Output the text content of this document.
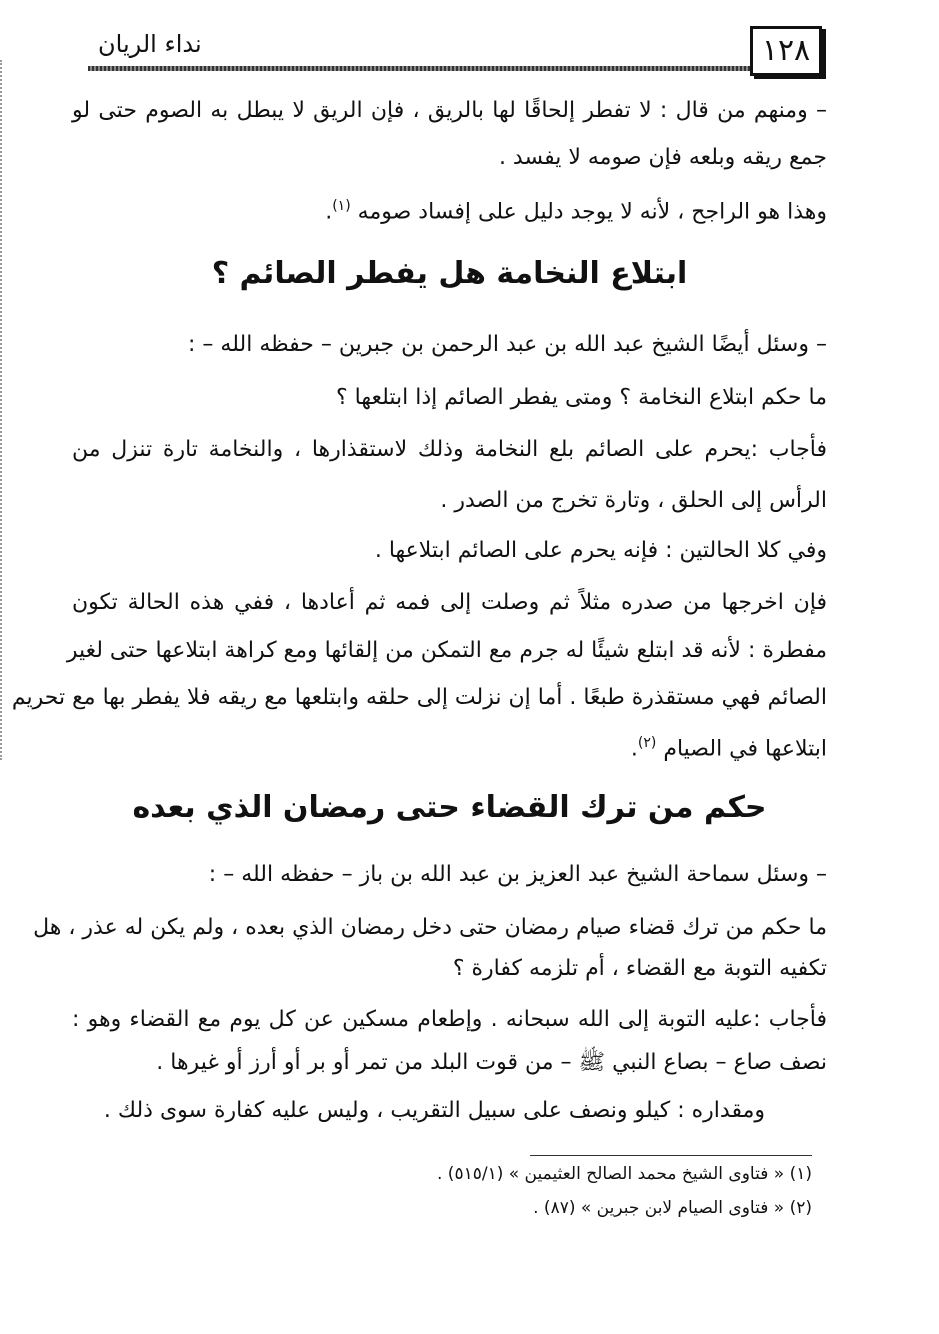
نداء الريان	١٢٨
– ومنهم من قال : لا تفطر إلحاقًا لها بالريق ، فإن الريق لا يبطل به الصوم حتى لو
جمع ريقه وبلعه فإن صومه لا يفسد .
وهذا هو الراجح ، لأنه لا يوجد دليل على إفساد صومه $^{(١)}$.
ابتلاع النخامة هل يفطر الصائم ؟
– وسئل أيضًا الشيخ عبد الله بن عبد الرحمن بن جبرين – حفظه الله – :
ما حكم ابتلاع النخامة ؟ ومتى يفطر الصائم إذا ابتلعها ؟
فأجاب :يحرم على الصائم بلع النخامة وذلك لاستقذارها ، والنخامة تارة تنزل من
الرأس إلى الحلق ، وتارة تخرج من الصدر .
وفي كلا الحالتين : فإنه يحرم على الصائم ابتلاعها .
فإن اخرجها من صدره مثلاً ثم وصلت إلى فمه ثم أعادها ، ففي هذه الحالة تكون
مفطرة : لأنه قد ابتلع شيئًا له جرم مع التمكن من إلقائها ومع كراهة ابتلاعها حتى لغير
الصائم فهي مستقذرة طبعًا . أما إن نزلت إلى حلقه وابتلعها مع ريقه فلا يفطر بها مع تحريم
ابتلاعها في الصيام $^{(٢)}$.
حكم من ترك القضاء حتى رمضان الذي بعده
– وسئل سماحة الشيخ عبد العزيز بن عبد الله بن باز – حفظه الله – :
ما حكم من ترك قضاء صيام رمضان حتى دخل رمضان الذي بعده ، ولم يكن له عذر ، هل
تكفيه التوبة مع القضاء ، أم تلزمه كفارة ؟
فأجاب :عليه التوبة إلى الله سبحانه . وإطعام مسكين عن كل يوم مع القضاء وهو :
نصف صاع – بصاع النبي ﷺ – من قوت البلد من تمر أو بر أو أرز أو غيرها .
ومقداره : كيلو ونصف على سبيل التقريب ، وليس عليه كفارة سوى ذلك .
(١) « فتاوى الشيخ محمد الصالح العثيمين » (٥١٥/١) .
(٢) « فتاوى الصيام لابن جبرين » (٨٧) .
